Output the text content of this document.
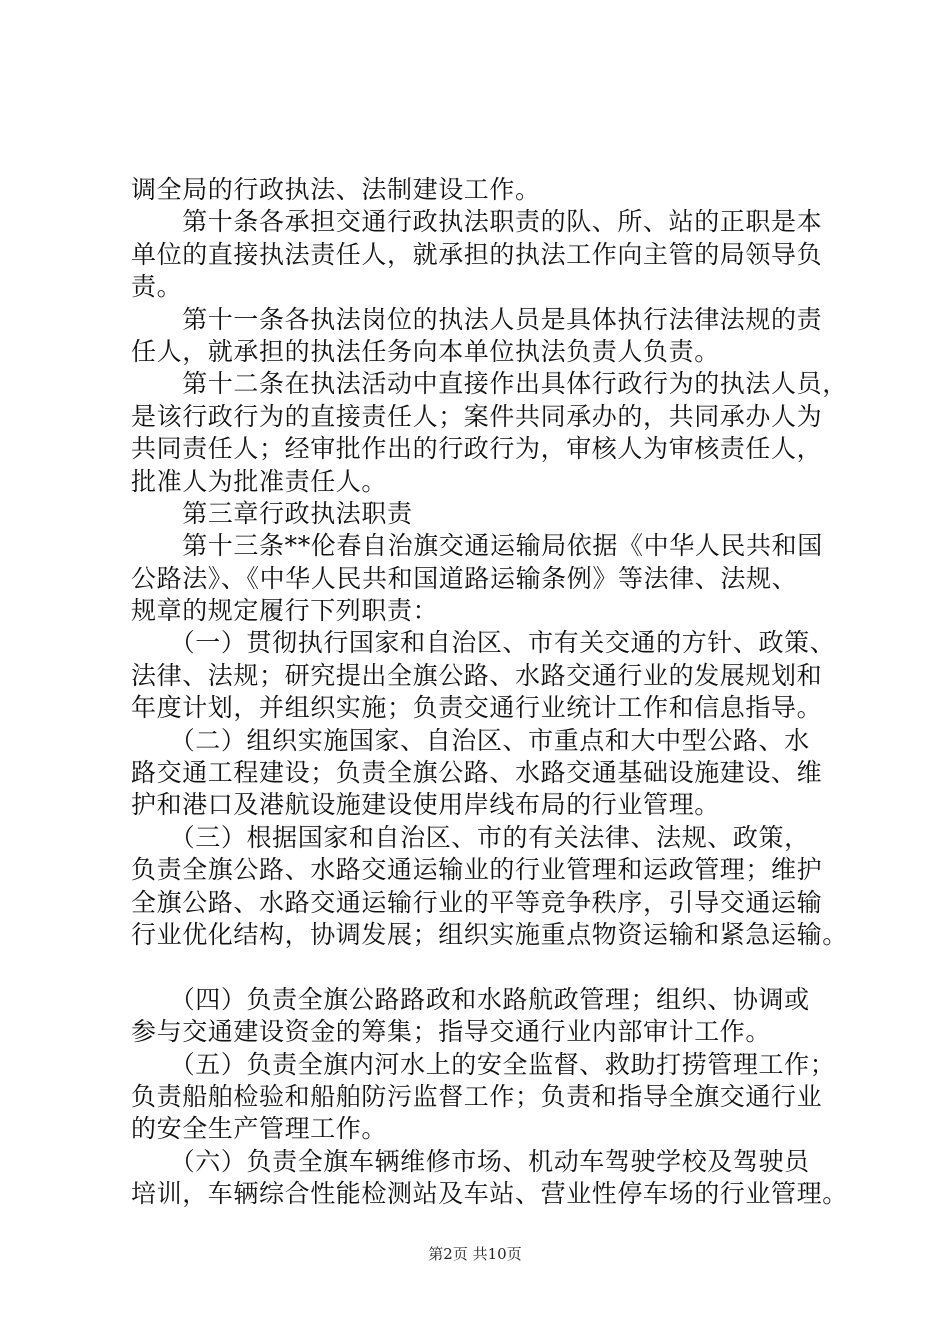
调全局的行政执法、法制建设工作。
　　第十条各承担交通行政执法职责的队、所、站的正职是本
单位的直接执法责任人，就承担的执法工作向主管的局领导负
责。
　　第十一条各执法岗位的执法人员是具体执行法律法规的责
任人，就承担的执法任务向本单位执法负责人负责。
　　第十二条在执法活动中直接作出具体行政行为的执法人员，
是该行政行为的直接责任人；案件共同承办的，共同承办人为
共同责任人；经审批作出的行政行为，审核人为审核责任人，
批准人为批准责任人。
　　第三章行政执法职责
　　第十三条**伦春自治旗交通运输局依据《中华人民共和国
公路法》、《中华人民共和国道路运输条例》等法律、法规、
规章的规定履行下列职责：
　　（一）贯彻执行国家和自治区、市有关交通的方针、政策、
法律、法规；研究提出全旗公路、水路交通行业的发展规划和
年度计划，并组织实施；负责交通行业统计工作和信息指导。
　　（二）组织实施国家、自治区、市重点和大中型公路、水
路交通工程建设；负责全旗公路、水路交通基础设施建设、维
护和港口及港航设施建设使用岸线布局的行业管理。
　　（三）根据国家和自治区、市的有关法律、法规、政策，
负责全旗公路、水路交通运输业的行业管理和运政管理；维护
全旗公路、水路交通运输行业的平等竞争秩序，引导交通运输
行业优化结构，协调发展；组织实施重点物资运输和紧急运输。
　　（四）负责全旗公路路政和水路航政管理；组织、协调或
参与交通建设资金的筹集；指导交通行业内部审计工作。
　　（五）负责全旗内河水上的安全监督、救助打捞管理工作；
负责船舶检验和船舶防污监督工作；负责和指导全旗交通行业
的安全生产管理工作。
　　（六）负责全旗车辆维修市场、机动车驾驶学校及驾驶员
培训，车辆综合性能检测站及车站、营业性停车场的行业管理。
第2页 共10页
